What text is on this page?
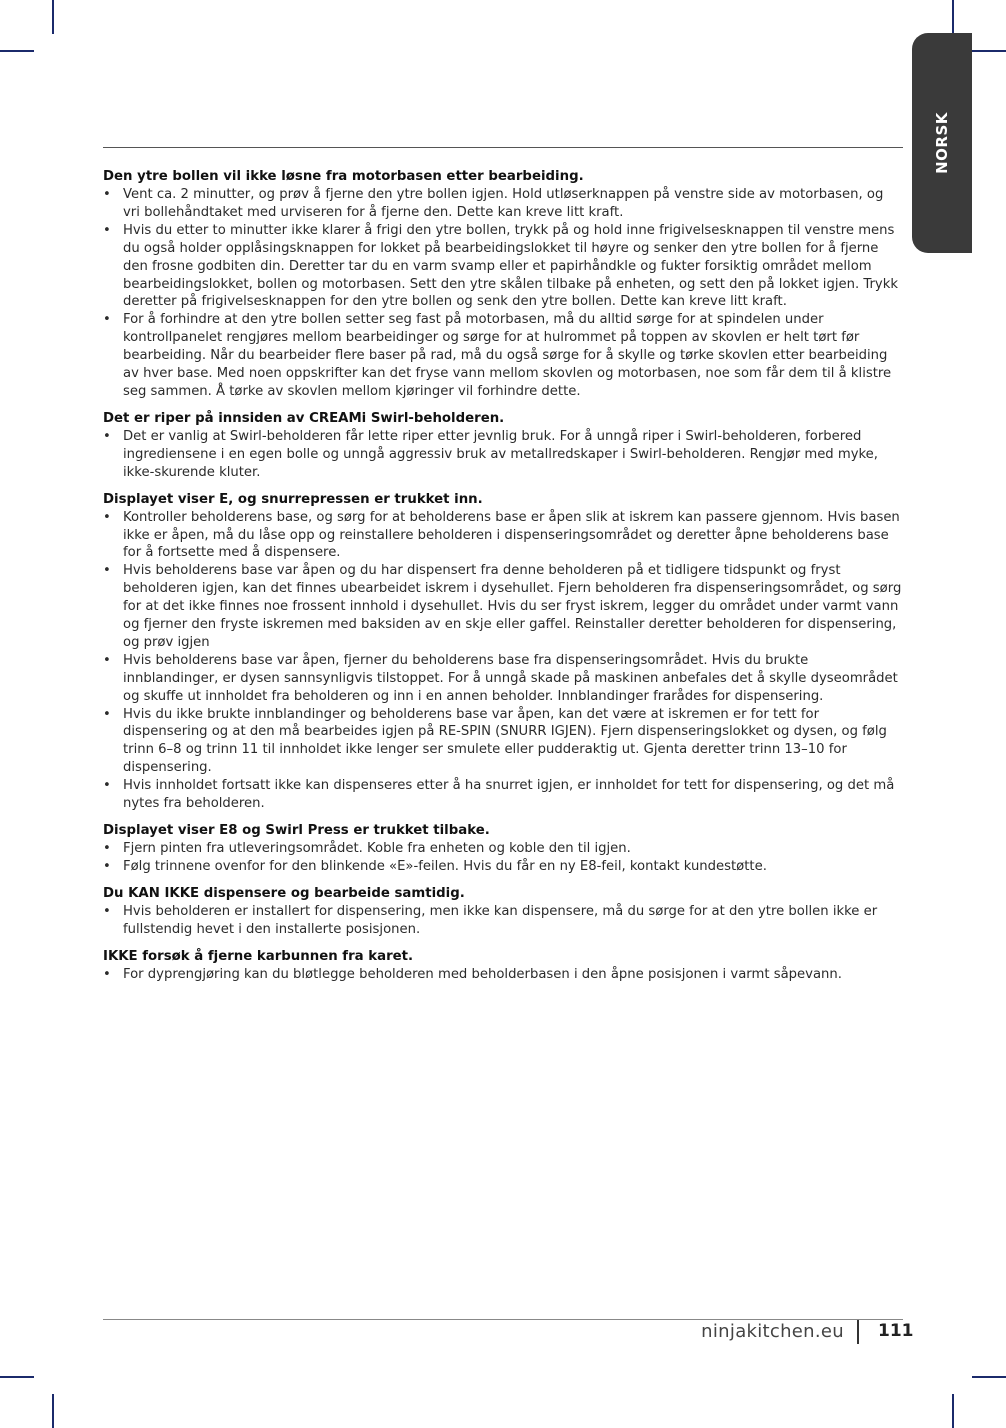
NORSK
Den ytre bollen vil ikke løsne fra motorbasen etter bearbeiding.
• Vent ca. 2 minutter, og prøv å fjerne den ytre bollen igjen. Hold utløserknappen på venstre side av motorbasen, og vri bollehåndtaket med urviseren for å fjerne den. Dette kan kreve litt kraft.
• Hvis du etter to minutter ikke klarer å frigi den ytre bollen, trykk på og hold inne frigivelsesknappen til venstre mens du også holder opplåsingsknappen for lokket på bearbeidingslokket til høyre og senker den ytre bollen for å fjerne den frosne godbiten din. Deretter tar du en varm svamp eller et papirhåndkle og fukter forsiktig området mellom bearbeidingslokket, bollen og motorbasen. Sett den ytre skålen tilbake på enheten, og sett den på lokket igjen. Trykk deretter på frigivelsesknappen for den ytre bollen og senk den ytre bollen. Dette kan kreve litt kraft.
• For å forhindre at den ytre bollen setter seg fast på motorbasen, må du alltid sørge for at spindelen under kontrollpanelet rengjøres mellom bearbeidinger og sørge for at hulrommet på toppen av skovlen er helt tørt før bearbeiding. Når du bearbeider flere baser på rad, må du også sørge for å skylle og tørke skovlen etter bearbeiding av hver base. Med noen oppskrifter kan det fryse vann mellom skovlen og motorbasen, noe som får dem til å klistre seg sammen. Å tørke av skovlen mellom kjøringer vil forhindre dette.
Det er riper på innsiden av CREAMi Swirl-beholderen.
• Det er vanlig at Swirl-beholderen får lette riper etter jevnlig bruk. For å unngå riper i Swirl-beholderen, forbered ingrediensene i en egen bolle og unngå aggressiv bruk av metallredskaper i Swirl-beholderen. Rengjør med myke, ikke-skurende kluter.
Displayet viser E, og snurrepressen er trukket inn.
• Kontroller beholderens base, og sørg for at beholderens base er åpen slik at iskrem kan passere gjennom. Hvis basen ikke er åpen, må du låse opp og reinstallere beholderen i dispenseringsområdet og deretter åpne beholderens base for å fortsette med å dispensere.
• Hvis beholderens base var åpen og du har dispensert fra denne beholderen på et tidligere tidspunkt og fryst beholderen igjen, kan det finnes ubearbeidet iskrem i dysehullet. Fjern beholderen fra dispenseringsområdet, og sørg for at det ikke finnes noe frossent innhold i dysehullet. Hvis du ser fryst iskrem, legger du området under varmt vann og fjerner den fryste iskremen med baksiden av en skje eller gaffel. Reinstaller deretter beholderen for dispensering, og prøv igjen
• Hvis beholderens base var åpen, fjerner du beholderens base fra dispenseringsområdet. Hvis du brukte innblandinger, er dysen sannsynligvis tilstoppet. For å unngå skade på maskinen anbefales det å skylle dyseområdet og skuffe ut innholdet fra beholderen og inn i en annen beholder. Innblandinger frarådes for dispensering.
• Hvis du ikke brukte innblandinger og beholderens base var åpen, kan det være at iskremen er for tett for dispensering og at den må bearbeides igjen på RE-SPIN (SNURR IGJEN). Fjern dispenseringslokket og dysen, og følg trinn 6–8 og trinn 11 til innholdet ikke lenger ser smulete eller pudderaktig ut. Gjenta deretter trinn 13–10 for dispensering.
• Hvis innholdet fortsatt ikke kan dispenseres etter å ha snurret igjen, er innholdet for tett for dispensering, og det må nytes fra beholderen.
Displayet viser E8 og Swirl Press er trukket tilbake.
• Fjern pinten fra utleveringsområdet. Koble fra enheten og koble den til igjen.
• Følg trinnene ovenfor for den blinkende «E»-feilen. Hvis du får en ny E8-feil, kontakt kundestøtte.
Du KAN IKKE dispensere og bearbeide samtidig.
• Hvis beholderen er installert for dispensering, men ikke kan dispensere, må du sørge for at den ytre bollen ikke er fullstendig hevet i den installerte posisjonen.
IKKE forsøk å fjerne karbunnen fra karet.
• For dyprengjøring kan du bløtlegge beholderen med beholderbasen i den åpne posisjonen i varmt såpevann.
ninjakitchen.eu 111
